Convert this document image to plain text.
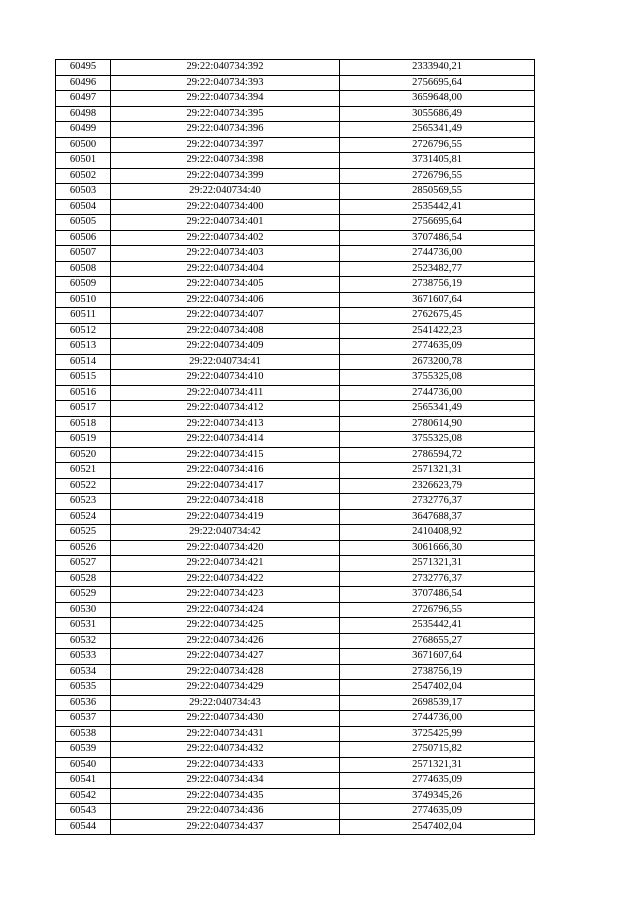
60495	29:22:040734:392	2333940,21
60496	29:22:040734:393	2756695,64
60497	29:22:040734:394	3659648,00
60498	29:22:040734:395	3055686,49
60499	29:22:040734:396	2565341,49
60500	29:22:040734:397	2726796,55
60501	29:22:040734:398	3731405,81
60502	29:22:040734:399	2726796,55
60503	29:22:040734:40	2850569,55
60504	29:22:040734:400	2535442,41
60505	29:22:040734:401	2756695,64
60506	29:22:040734:402	3707486,54
60507	29:22:040734:403	2744736,00
60508	29:22:040734:404	2523482,77
60509	29:22:040734:405	2738756,19
60510	29:22:040734:406	3671607,64
60511	29:22:040734:407	2762675,45
60512	29:22:040734:408	2541422,23
60513	29:22:040734:409	2774635,09
60514	29:22:040734:41	2673200,78
60515	29:22:040734:410	3755325,08
60516	29:22:040734:411	2744736,00
60517	29:22:040734:412	2565341,49
60518	29:22:040734:413	2780614,90
60519	29:22:040734:414	3755325,08
60520	29:22:040734:415	2786594,72
60521	29:22:040734:416	2571321,31
60522	29:22:040734:417	2326623,79
60523	29:22:040734:418	2732776,37
60524	29:22:040734:419	3647688,37
60525	29:22:040734:42	2410408,92
60526	29:22:040734:420	3061666,30
60527	29:22:040734:421	2571321,31
60528	29:22:040734:422	2732776,37
60529	29:22:040734:423	3707486,54
60530	29:22:040734:424	2726796,55
60531	29:22:040734:425	2535442,41
60532	29:22:040734:426	2768655,27
60533	29:22:040734:427	3671607,64
60534	29:22:040734:428	2738756,19
60535	29:22:040734:429	2547402,04
60536	29:22:040734:43	2698539,17
60537	29:22:040734:430	2744736,00
60538	29:22:040734:431	3725425,99
60539	29:22:040734:432	2750715,82
60540	29:22:040734:433	2571321,31
60541	29:22:040734:434	2774635,09
60542	29:22:040734:435	3749345,26
60543	29:22:040734:436	2774635,09
60544	29:22:040734:437	2547402,04
